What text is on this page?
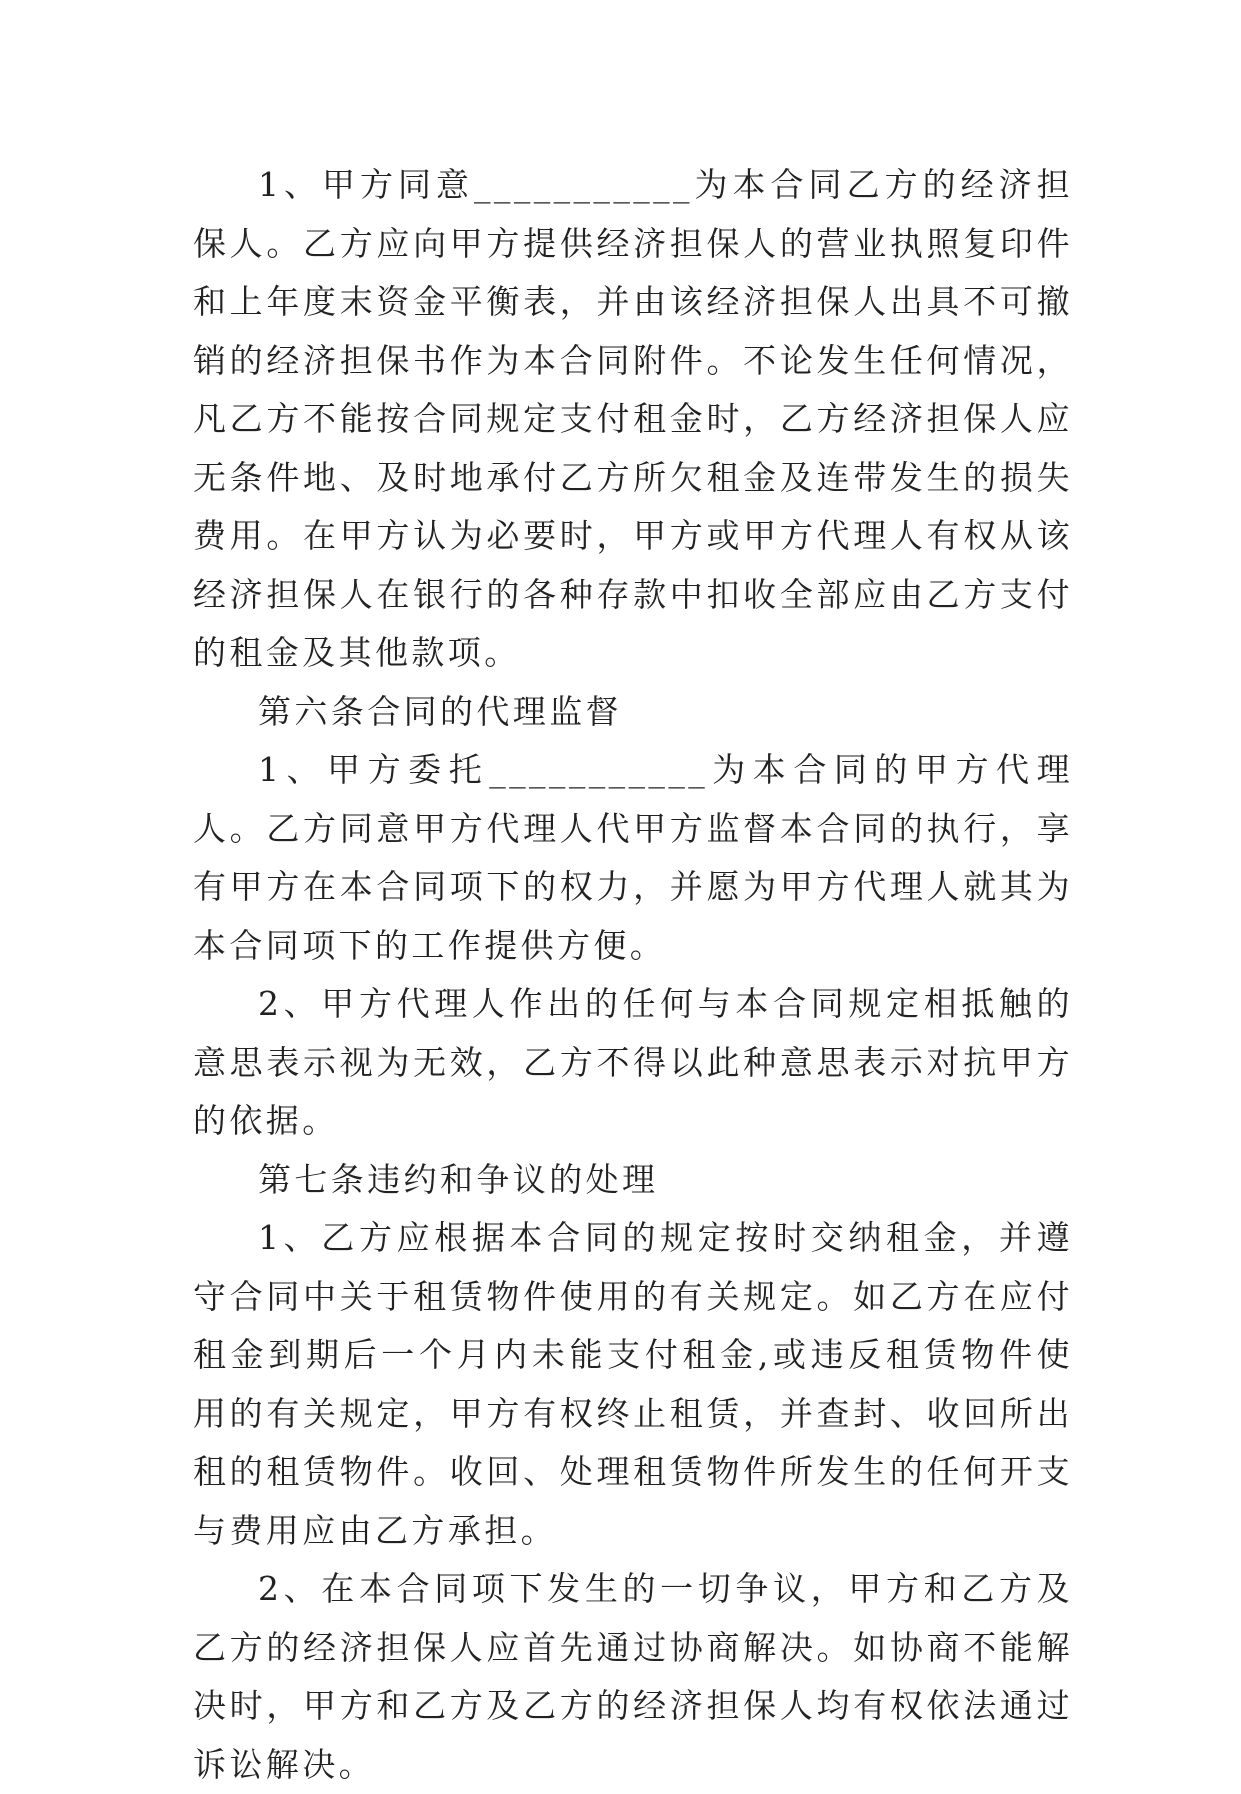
1、甲方同意___________为本合同乙方的经济担保人。乙方应向甲方提供经济担保人的营业执照复印件和上年度末资金平衡表，并由该经济担保人出具不可撤销的经济担保书作为本合同附件。不论发生任何情况，凡乙方不能按合同规定支付租金时，乙方经济担保人应无条件地、及时地承付乙方所欠租金及连带发生的损失费用。在甲方认为必要时，甲方或甲方代理人有权从该经济担保人在银行的各种存款中扣收全部应由乙方支付的租金及其他款项。

第六条合同的代理监督

1、甲方委托___________为本合同的甲方代理人。乙方同意甲方代理人代甲方监督本合同的执行，享有甲方在本合同项下的权力，并愿为甲方代理人就其为本合同项下的工作提供方便。

2、甲方代理人作出的任何与本合同规定相抵触的意思表示视为无效，乙方不得以此种意思表示对抗甲方的依据。

第七条违约和争议的处理

1、乙方应根据本合同的规定按时交纳租金，并遵守合同中关于租赁物件使用的有关规定。如乙方在应付租金到期后一个月内未能支付租金,或违反租赁物件使用的有关规定，甲方有权终止租赁，并查封、收回所出租的租赁物件。收回、处理租赁物件所发生的任何开支与费用应由乙方承担。

2、在本合同项下发生的一切争议，甲方和乙方及乙方的经济担保人应首先通过协商解决。如协商不能解决时，甲方和乙方及乙方的经济担保人均有权依法通过诉讼解决。
